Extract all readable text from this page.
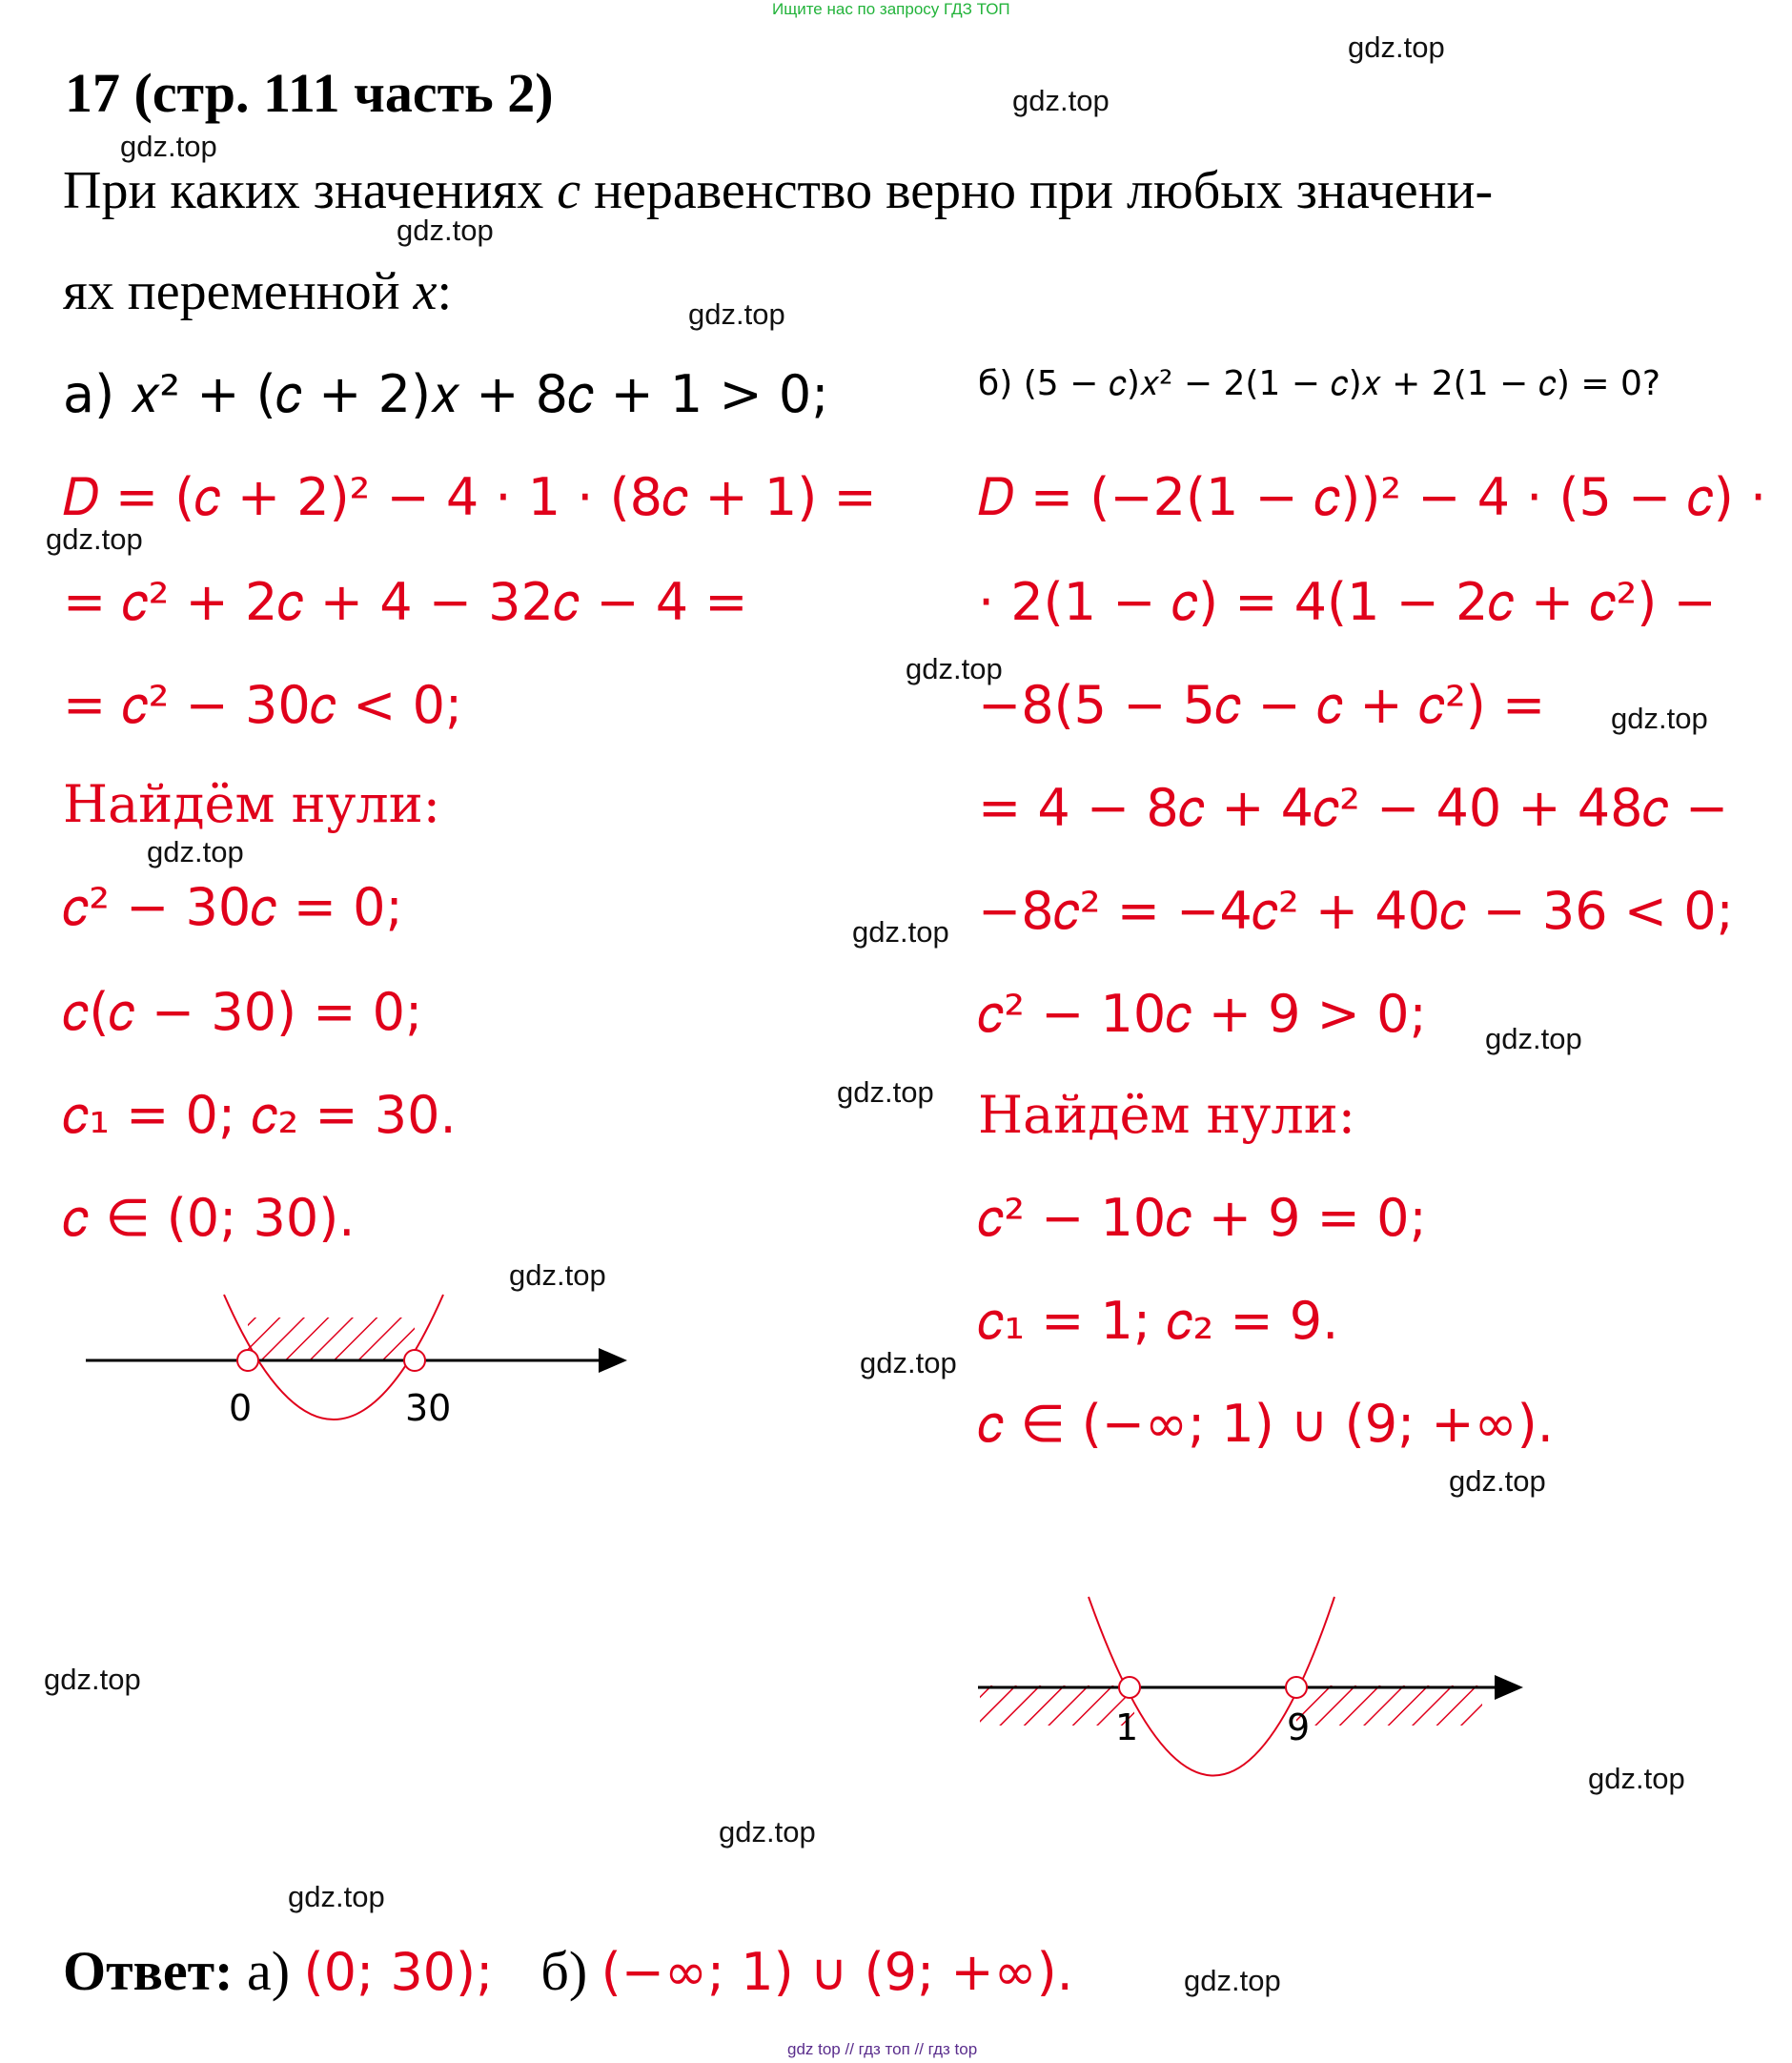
Ищите нас по запросу ГДЗ ТОП
17 (стр. 111 часть 2)
При каких значениях c неравенство верно при любых значени-
ях переменной x:
а) 𝑥² + (𝑐 + 2)𝑥 + 8𝑐 + 1 > 0;
𝐷 = (𝑐 + 2)² − 4 · 1 · (8𝑐 + 1) =
= 𝑐² + 2𝑐 + 4 − 32𝑐 − 4 =
= 𝑐² − 30𝑐 < 0;
Найдём нули:
𝑐² − 30𝑐 = 0;
𝑐(𝑐 − 30) = 0;
𝑐₁ = 0; 𝑐₂ = 30.
𝑐 ∈ (0; 30).
0	30
б) (5 − 𝑐)𝑥² − 2(1 − 𝑐)𝑥 + 2(1 − 𝑐) = 0?
𝐷 = (−2(1 − 𝑐))² − 4 · (5 − 𝑐) ·
· 2(1 − 𝑐) = 4(1 − 2𝑐 + 𝑐²) −
−8(5 − 5𝑐 − 𝑐 + 𝑐²) =
= 4 − 8𝑐 + 4𝑐² − 40 + 48𝑐 −
−8𝑐² = −4𝑐² + 40𝑐 − 36 < 0;
𝑐² − 10𝑐 + 9 > 0;
Найдём нули:
𝑐² − 10𝑐 + 9 = 0;
𝑐₁ = 1; 𝑐₂ = 9.
𝑐 ∈ (−∞; 1) ∪ (9; +∞).
1	9
Ответ: а) (0; 30); б) (−∞; 1) ∪ (9; +∞).
gdz.top
gdz.top
gdz.top
gdz.top
gdz.top
gdz.top
gdz.top
gdz.top
gdz.top
gdz.top
gdz.top
gdz.top
gdz.top
gdz.top
gdz.top
gdz.top
gdz.top
gdz.top
gdz.top
gdz.top
gdz top // гдз топ // гдз top
